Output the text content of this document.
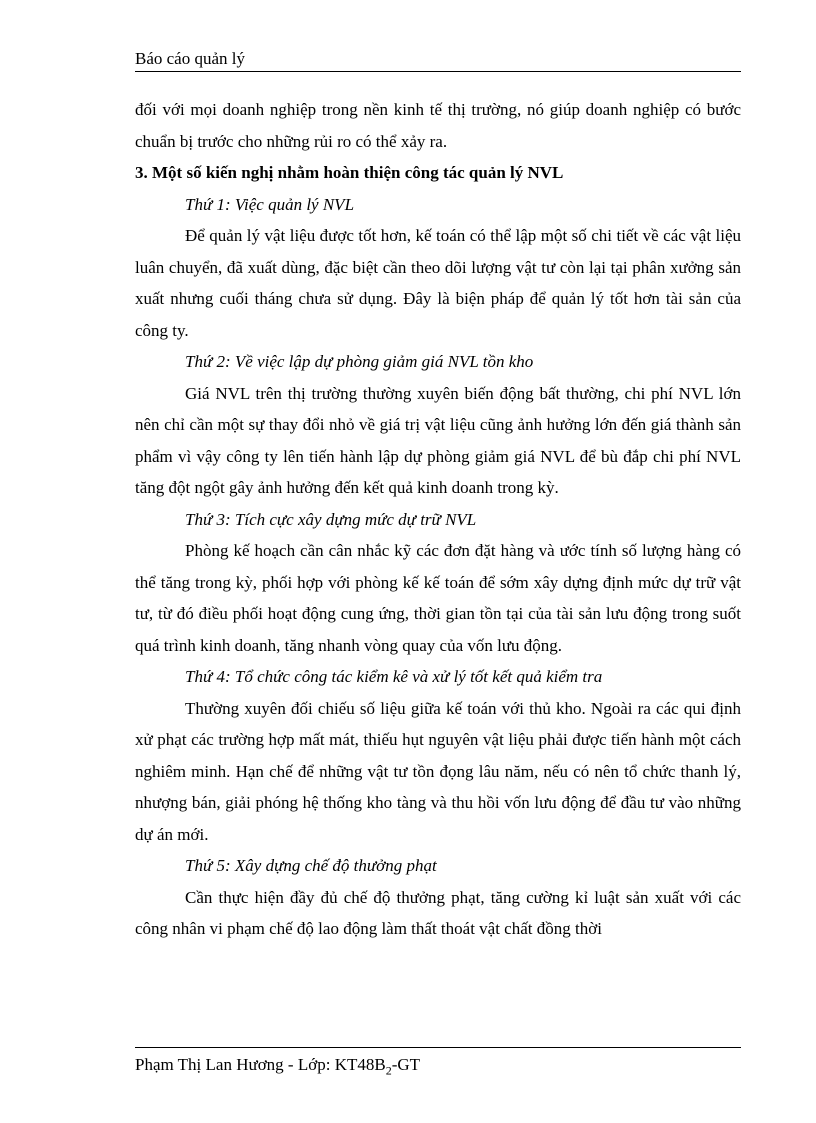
Báo cáo quản lý

đối với mọi doanh nghiệp trong nền kinh tế thị trường, nó giúp doanh nghiệp có bước chuẩn bị trước cho những rủi ro có thể xảy ra.

3. Một số kiến nghị nhằm hoàn thiện công tác quản lý NVL

Thứ 1: Việc quản lý NVL

Để quản lý vật liệu được tốt hơn, kế toán có thể lập một số chi tiết về các vật liệu luân chuyển, đã xuất dùng, đặc biệt cần theo dõi lượng vật tư còn lại tại phân xưởng sản xuất nhưng cuối tháng chưa sử dụng. Đây là biện pháp để quản lý tốt hơn tài sản của công ty.

Thứ 2: Về việc lập dự phòng giảm giá NVL tồn kho

Giá NVL trên thị trường thường xuyên biến động bất thường, chi phí NVL lớn nên chỉ cần một sự thay đổi nhỏ về giá trị vật liệu cũng ảnh hưởng lớn đến giá thành sản phẩm vì vậy công ty lên tiến hành lập dự phòng giảm giá NVL để bù đắp chi phí NVL tăng đột ngột gây ảnh hưởng đến kết quả kinh doanh trong kỳ.

Thứ 3: Tích cực xây dựng mức dự trữ NVL

Phòng kế hoạch cần cân nhắc kỹ các đơn đặt hàng và ước tính số lượng hàng có thể tăng trong kỳ, phối hợp với phòng kế kế toán để sớm xây dựng định mức dự trữ vật tư, từ đó điều phối hoạt động cung ứng, thời gian tồn tại của tài sản lưu động trong suốt quá trình kinh doanh, tăng nhanh vòng quay của vốn lưu động.

Thứ 4: Tổ chức công tác kiểm kê và xử lý tốt kết quả kiểm tra

Thường xuyên đối chiếu số liệu giữa kế toán với thủ kho. Ngoài ra các qui định xử phạt các trường hợp mất mát, thiếu hụt nguyên vật liệu phải được tiến hành một cách nghiêm minh. Hạn chế để những vật tư tồn đọng lâu năm, nếu có nên tổ chức thanh lý, nhượng bán, giải phóng hệ thống kho tàng và thu hồi vốn lưu động để đầu tư vào những dự án mới.

Thứ 5: Xây dựng chế độ thưởng phạt

Cần thực hiện đầy đủ chế độ thưởng phạt, tăng cường kỉ luật sản xuất với các công nhân vi phạm chế độ lao động làm thất thoát vật chất đồng thời

Phạm Thị Lan Hương - Lớp: $KT48B_2-GT$
